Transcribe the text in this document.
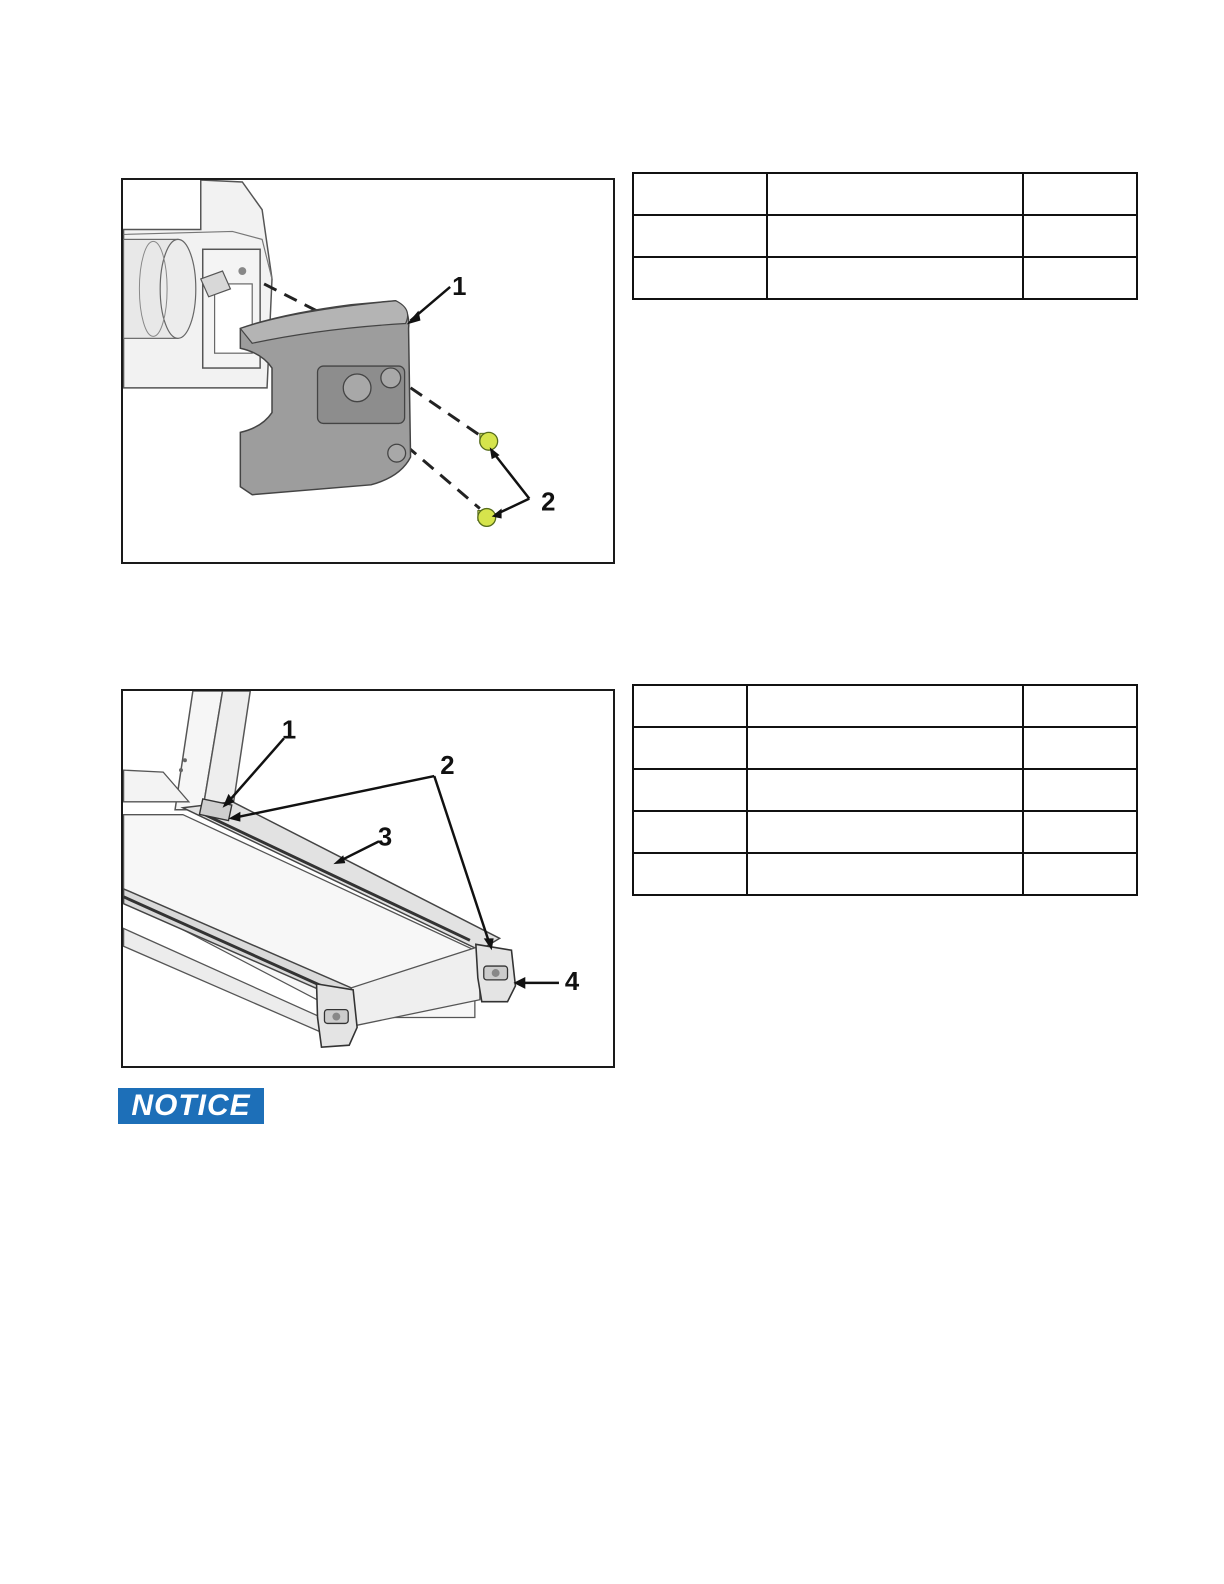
1
2

1
2
3
4

NOTICE
